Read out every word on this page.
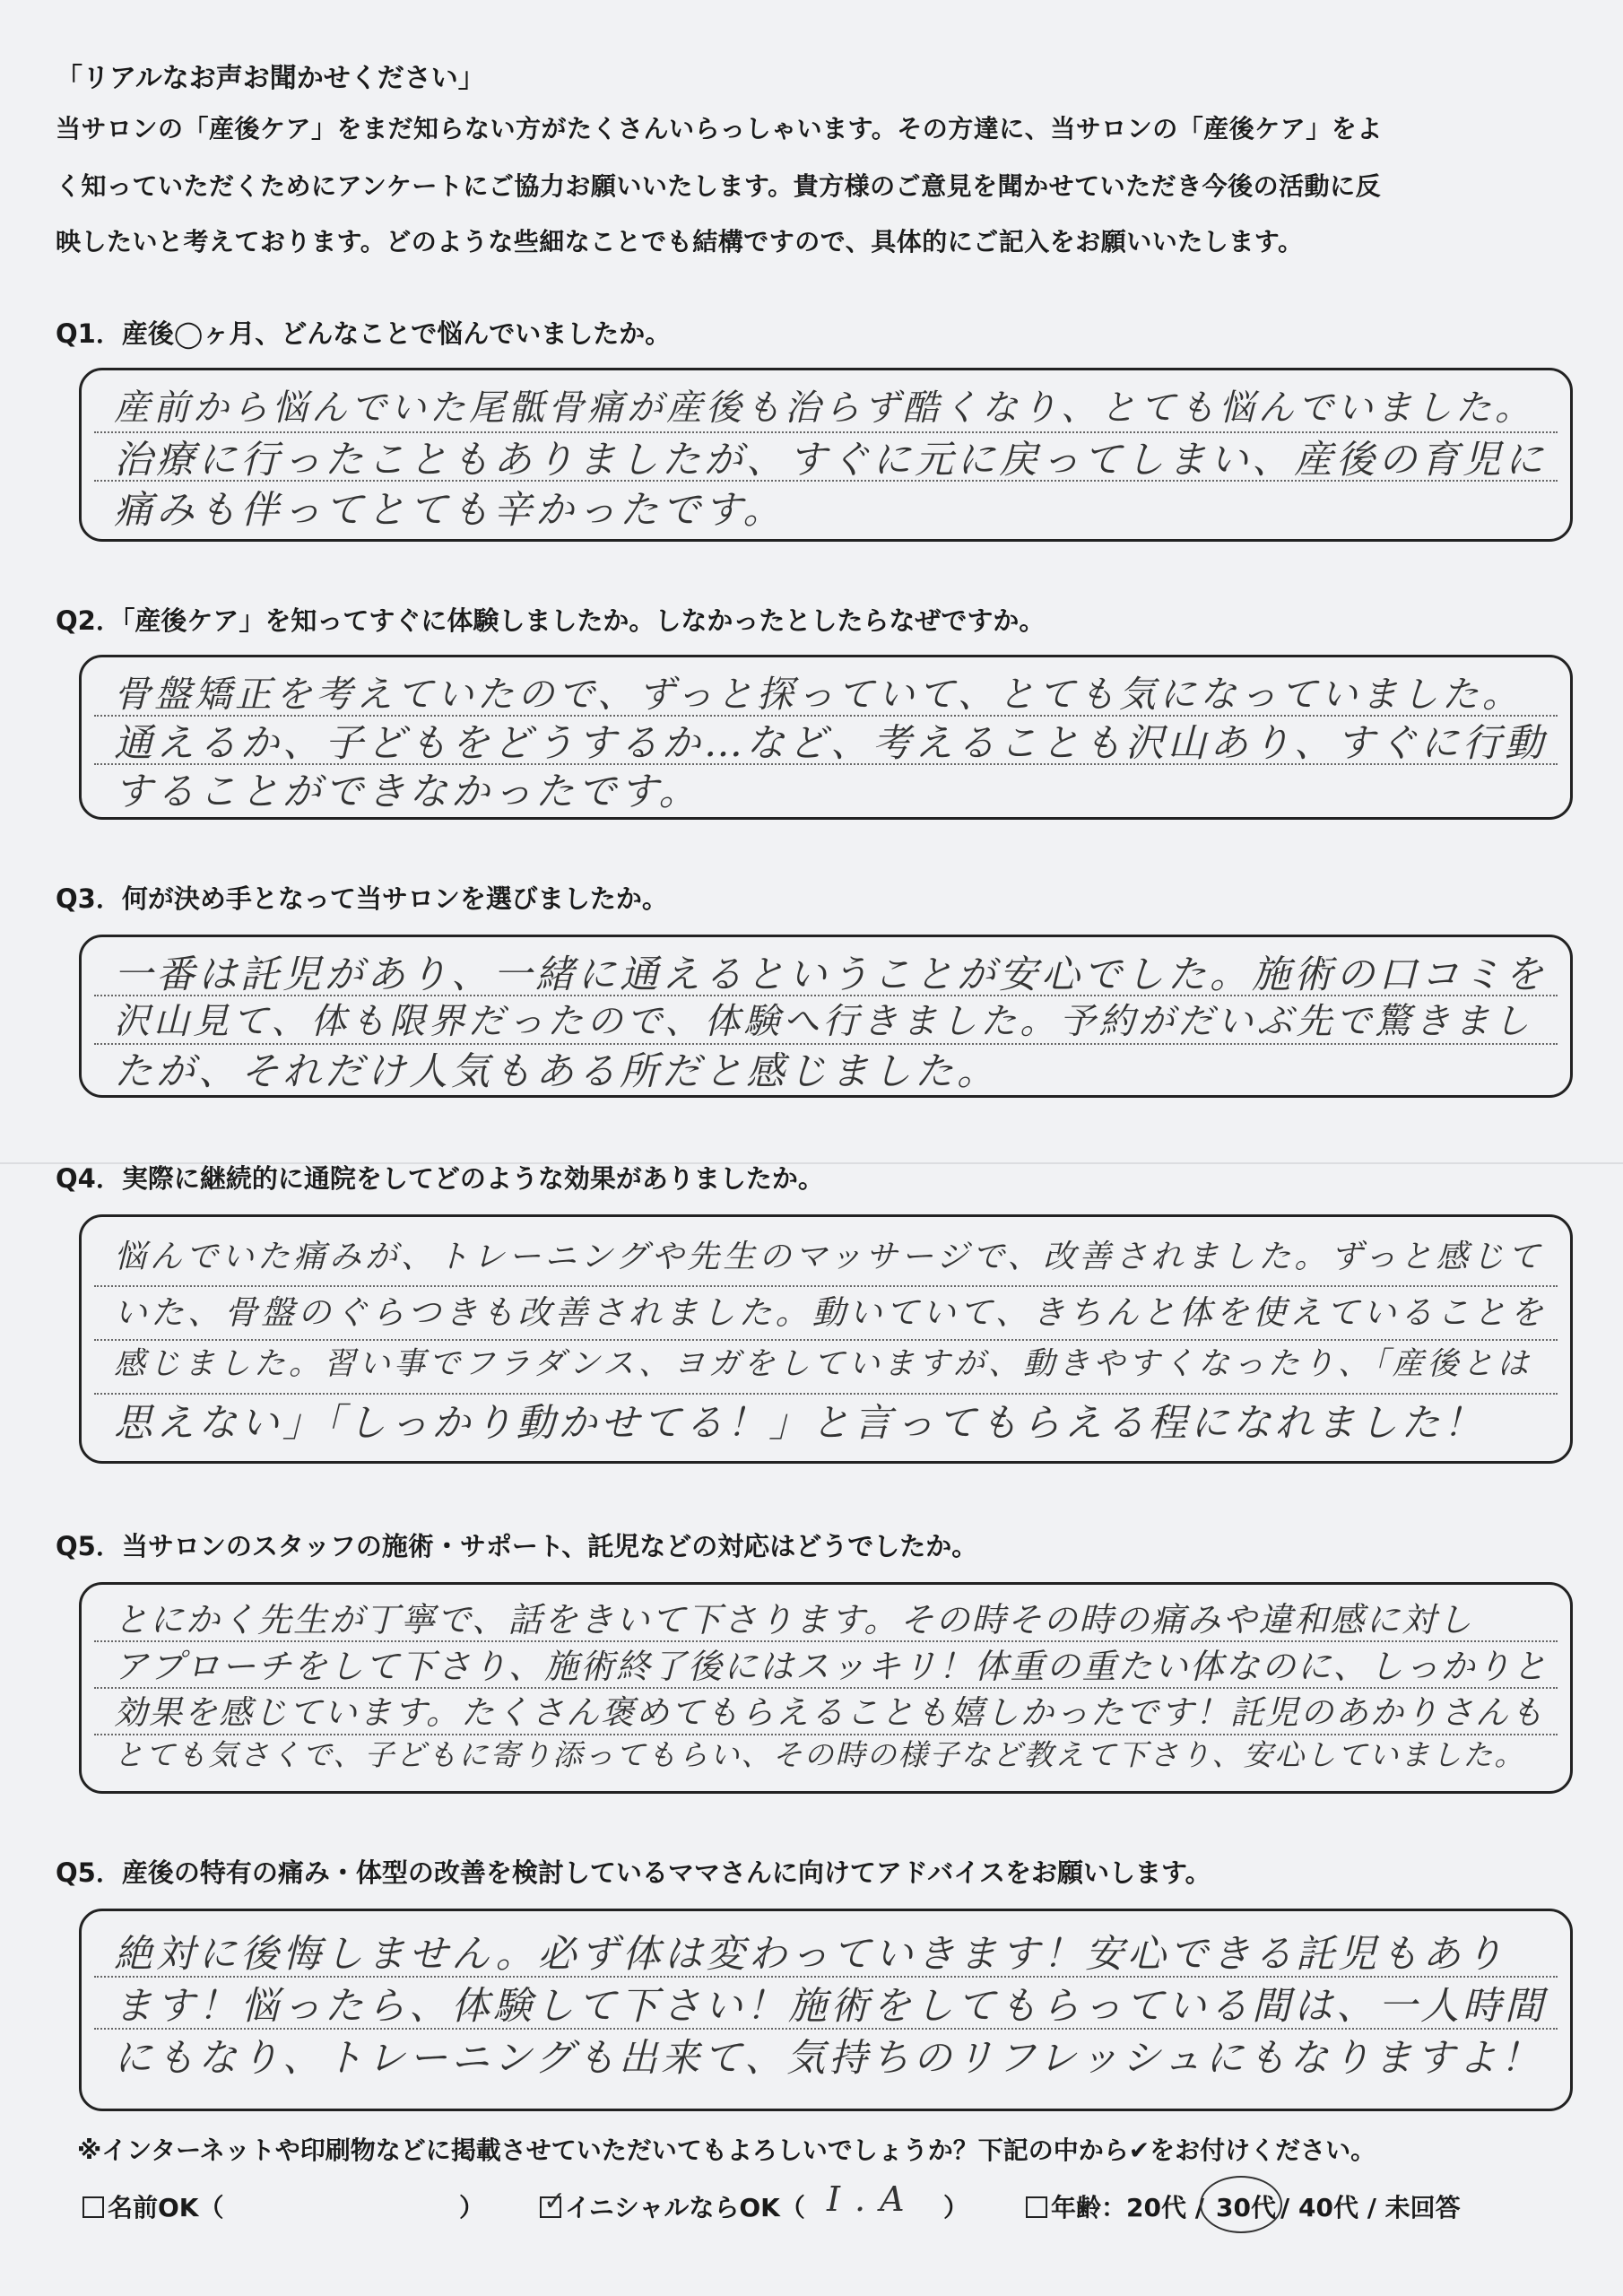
「リアルなお声お聞かせください」
当サロンの「産後ケア」をまだ知らない方がたくさんいらっしゃいます。その方達に、当サロンの「産後ケア」をよ
く知っていただくためにアンケートにご協力お願いいたします。貴方様のご意見を聞かせていただき今後の活動に反
映したいと考えております。どのような些細なことでも結構ですので、具体的にご記入をお願いいたします。
Q1．産後◯ヶ月、どんなことで悩んでいましたか。
産前から悩んでいた尾骶骨痛が産後も治らず酷くなり、とても悩んでいました。
治療に行ったこともありましたが、すぐに元に戻ってしまい、産後の育児に
痛みも伴ってとても辛かったです。
Q2．「産後ケア」を知ってすぐに体験しましたか。しなかったとしたらなぜですか。
骨盤矯正を考えていたので、ずっと探っていて、とても気になっていました。
通えるか、子どもをどうするか…など、考えることも沢山あり、すぐに行動
することができなかったです。
Q3．何が決め手となって当サロンを選びましたか。
一番は託児があり、一緒に通えるということが安心でした。施術の口コミを
沢山見て、体も限界だったので、体験へ行きました。予約がだいぶ先で驚きまし
たが、それだけ人気もある所だと感じました。
Q4．実際に継続的に通院をしてどのような効果がありましたか。
悩んでいた痛みが、トレーニングや先生のマッサージで、改善されました。ずっと感じて
いた、骨盤のぐらつきも改善されました。動いていて、きちんと体を使えていることを
感じました。習い事でフラダンス、ヨガをしていますが、動きやすくなったり、「産後とは
思えない」「しっかり動かせてる！」と言ってもらえる程になれました！
Q5．当サロンのスタッフの施術・サポート、託児などの対応はどうでしたか。
とにかく先生が丁寧で、話をきいて下さります。その時その時の痛みや違和感に対し
アプローチをして下さり、施術終了後にはスッキリ！体重の重たい体なのに、しっかりと
効果を感じています。たくさん褒めてもらえることも嬉しかったです！託児のあかりさんも
とても気さくで、子どもに寄り添ってもらい、その時の様子など教えて下さり、安心していました。
Q5．産後の特有の痛み・体型の改善を検討しているママさんに向けてアドバイスをお願いします。
絶対に後悔しません。必ず体は変わっていきます！安心できる託児もあり
ます！悩ったら、体験して下さい！施術をしてもらっている間は、一人時間
にもなり、トレーニングも出来て、気持ちのリフレッシュにもなりますよ！
※インターネットや印刷物などに掲載させていただいてもよろしいでしょうか？下記の中から✔をお付けください。
名前OK（	） ✓
イニシャルならOK（ I.A ）	年齢：20代 / 30代 / 40代 / 未回答
